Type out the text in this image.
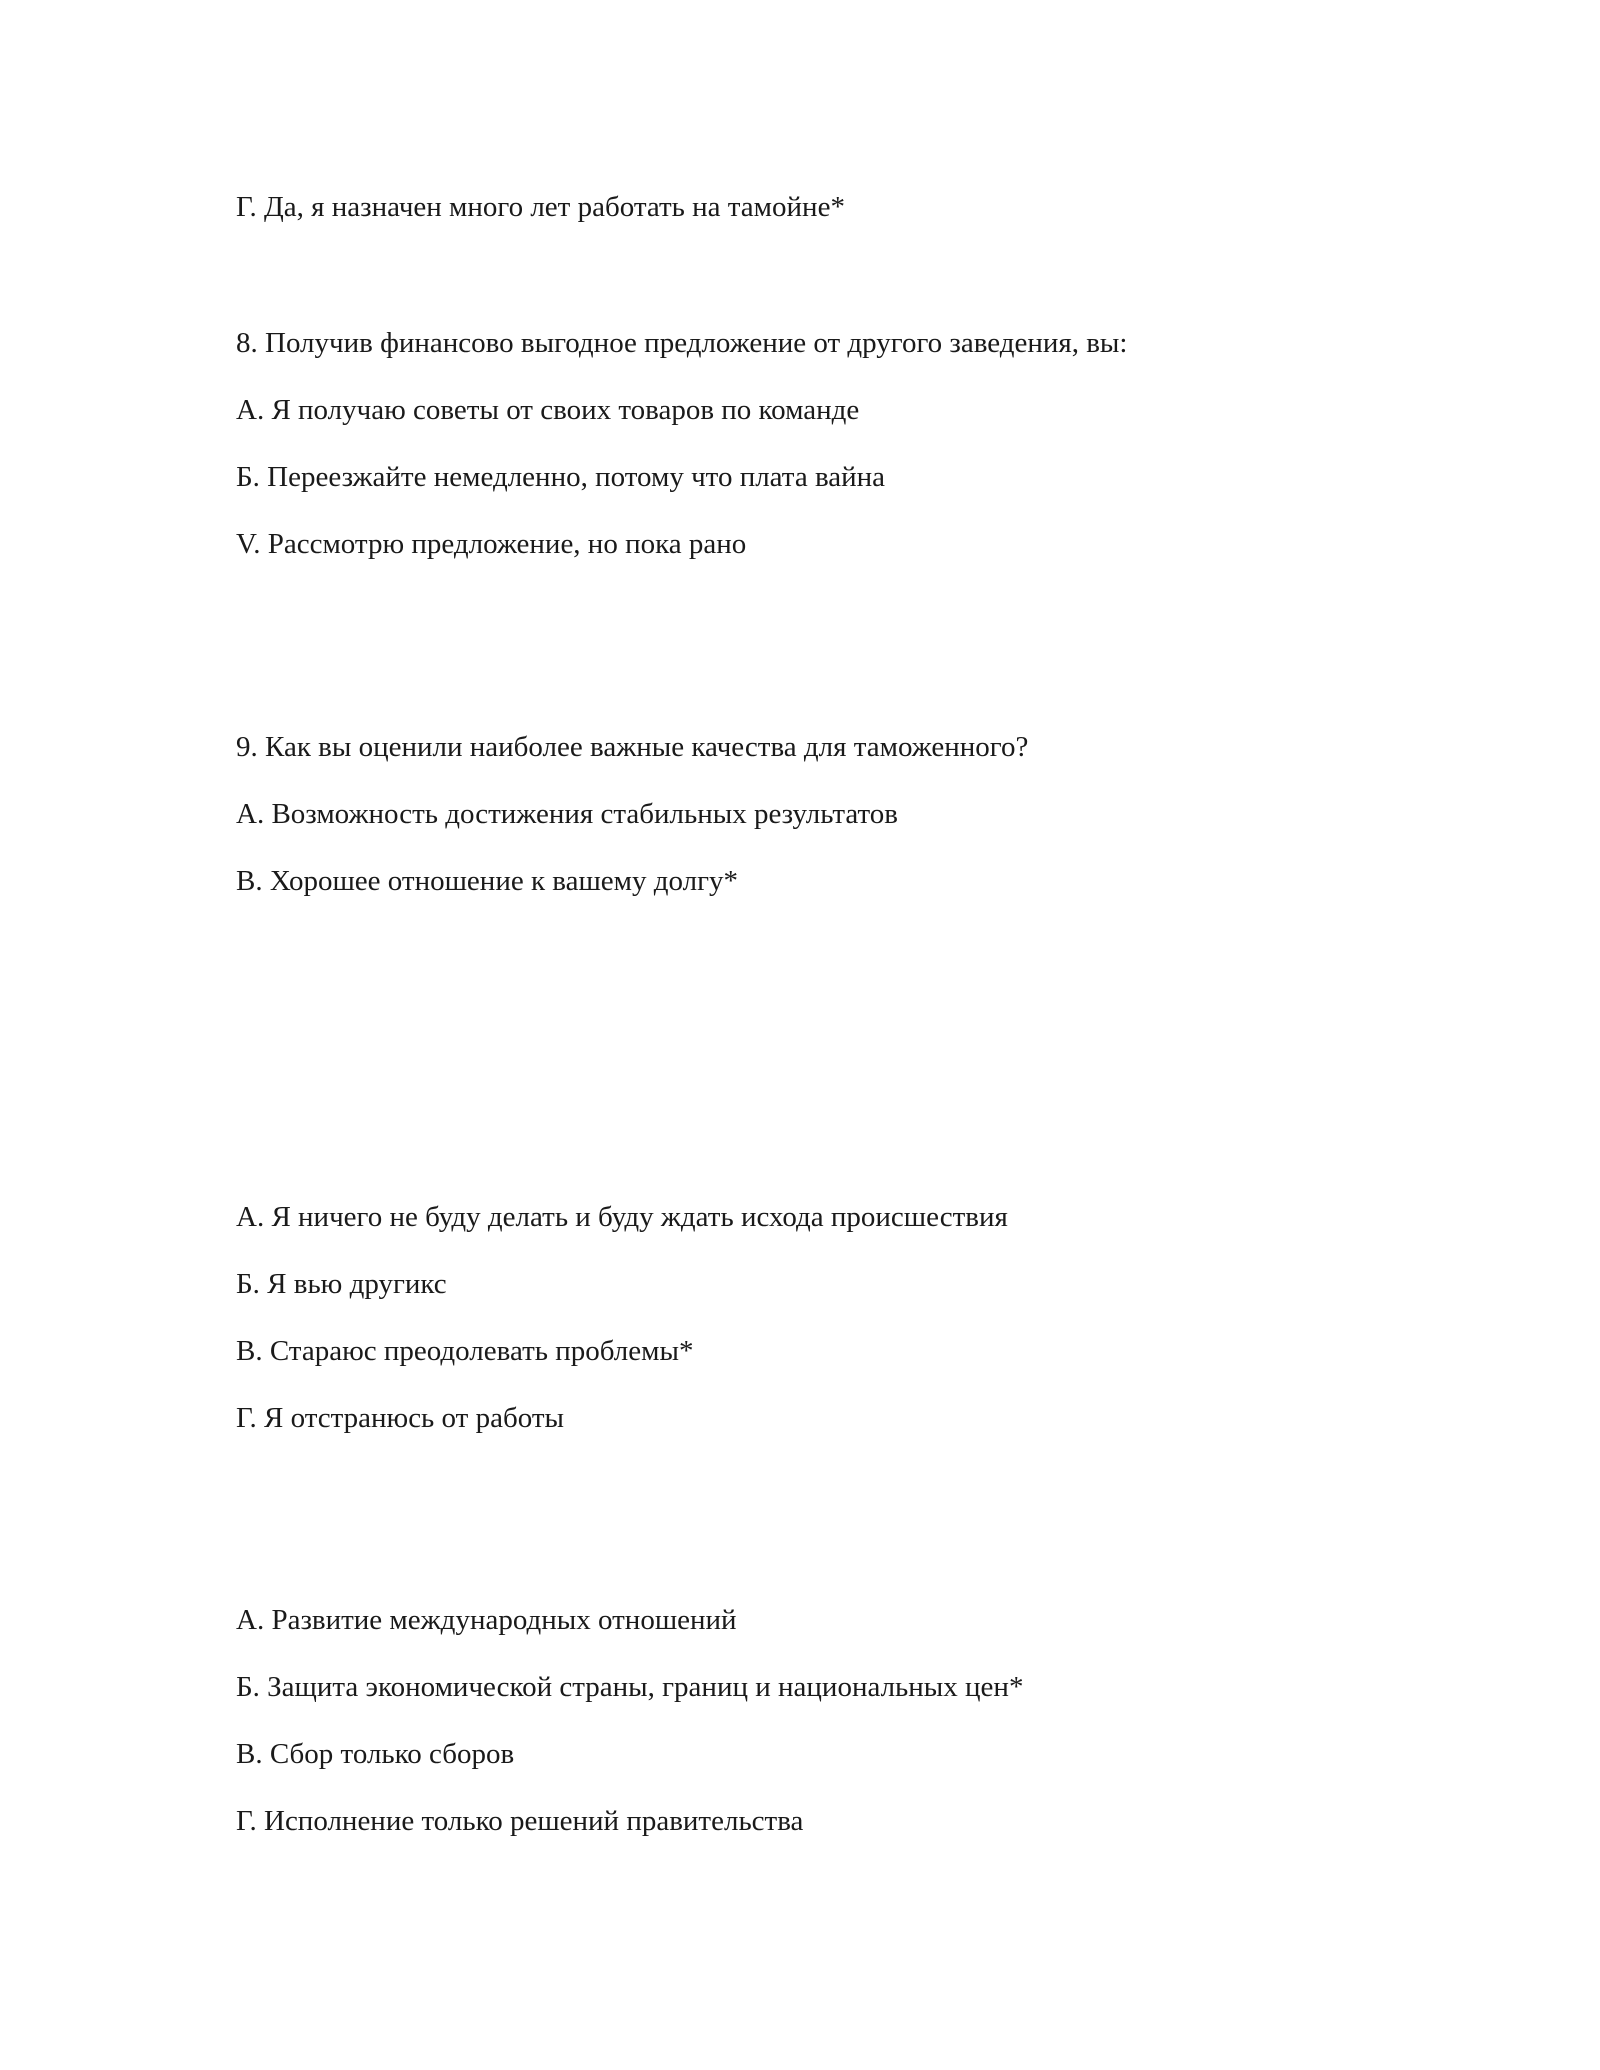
Г. Да, я назначен много лет работать на тамойне*
8. Получив финансово выгодное предложение от другого заведения, вы:
А. Я получаю советы от своих товаров по команде
Б. Переезжайте немедленно, потому что плата вайна
V. Рассмотрю предложение, но пока рано
9. Как вы оценили наиболее важные качества для таможенного?
А. Возможность достижения стабильных результатов
В. Хорошее отношение к вашему долгу*
А. Я ничего не буду делать и буду ждать исхода происшествия
Б. Я вью другикс
В. Стараюс преодолевать проблемы*
Г. Я отстранюсь от работы
А. Развитие международных отношений
Б. Защита экономической страны, границ и национальных цен*
В. Сбор только сборов
Г. Исполнение только решений правительства
